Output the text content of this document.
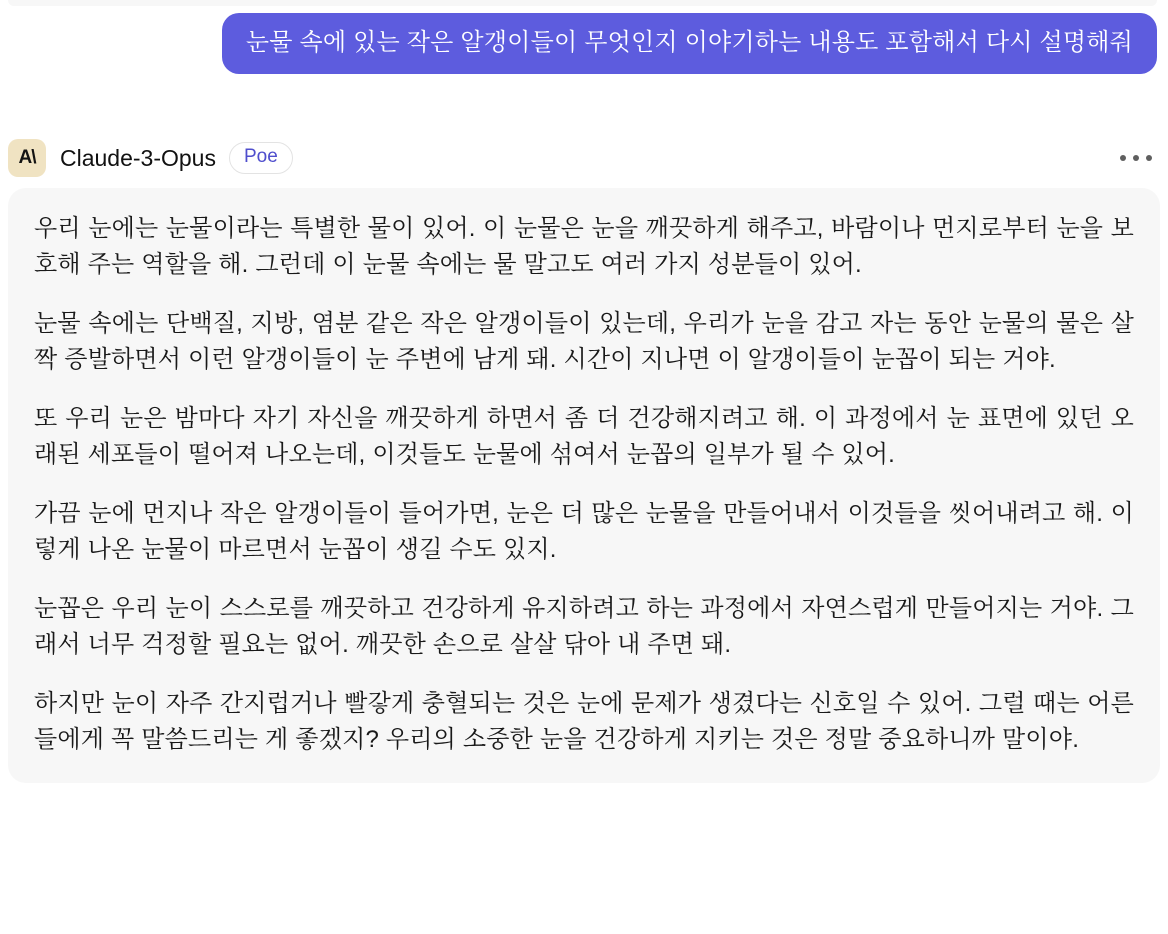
눈물 속에 있는 작은 알갱이들이 무엇인지 이야기하는 내용도 포함해서 다시 설명해줘
A\ Claude-3-Opus	Poe

우리 눈에는 눈물이라는 특별한 물이 있어. 이 눈물은 눈을 깨끗하게 해주고, 바람이나 먼지로부터 눈을 보호해 주는 역할을 해. 그런데 이 눈물 속에는 물 말고도 여러 가지 성분들이 있어.

눈물 속에는 단백질, 지방, 염분 같은 작은 알갱이들이 있는데, 우리가 눈을 감고 자는 동안 눈물의 물은 살짝 증발하면서 이런 알갱이들이 눈 주변에 남게 돼. 시간이 지나면 이 알갱이들이 눈꼽이 되는 거야.

또 우리 눈은 밤마다 자기 자신을 깨끗하게 하면서 좀 더 건강해지려고 해. 이 과정에서 눈 표면에 있던 오래된 세포들이 떨어져 나오는데, 이것들도 눈물에 섞여서 눈꼽의 일부가 될 수 있어.

가끔 눈에 먼지나 작은 알갱이들이 들어가면, 눈은 더 많은 눈물을 만들어내서 이것들을 씻어내려고 해. 이렇게 나온 눈물이 마르면서 눈꼽이 생길 수도 있지.

눈꼽은 우리 눈이 스스로를 깨끗하고 건강하게 유지하려고 하는 과정에서 자연스럽게 만들어지는 거야. 그래서 너무 걱정할 필요는 없어. 깨끗한 손으로 살살 닦아 내 주면 돼.

하지만 눈이 자주 간지럽거나 빨갛게 충혈되는 것은 눈에 문제가 생겼다는 신호일 수 있어. 그럴 때는 어른들에게 꼭 말씀드리는 게 좋겠지? 우리의 소중한 눈을 건강하게 지키는 것은 정말 중요하니까 말이야.
